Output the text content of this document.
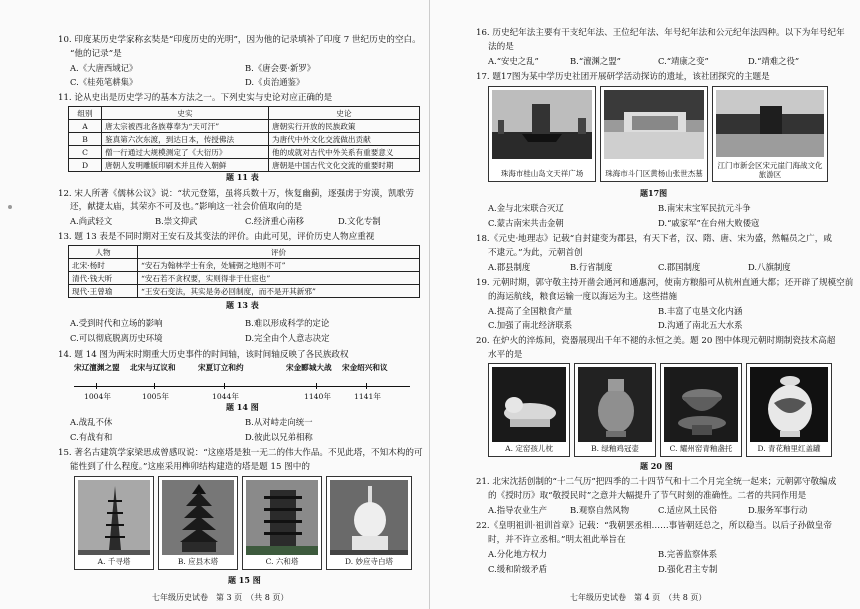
10. 印度某历史学家称玄奘是“印度历史的光明”，因为他的记录填补了印度 7 世纪历史的空白。
“他的记录”是
A.《大唐西域记》	B.《唐会要·新罗》
C.《桂苑笔耕集》	D.《贞治通鉴》
11. 论从史出是历史学习的基本方法之一。下列史实与史论对应正确的是
组别	史实	史论
A	唐太宗被西北各族尊奉为“天可汗”	唐朝实行开放的民族政策
B	鉴真第六次东渡，到达日本，传授佛法	为唐代中外文化交流做出贡献
C	僧一行通过大规模测定了《大衍历》	他的成就对古代中外关系有重要意义
D	唐朝人发明雕版印刷术并且传入朝鲜	唐朝是中国古代文化交流的重要时期
题 11 表
12. 宋人所著《儒林公议》说：“状元登第，虽将兵数十万，恢复幽蓟，逐强虏于穷漠，凯歌劳
还，献捷太庙，其荣亦不可及也。”影响这一社会价值取向的是
A.尚武轻文	B.崇文抑武	C.经济重心南移	D.文化专制
13. 题 13 表是不同时期对王安石及其变法的评价。由此可见，评价历史人物应重视
人物	评价
北宋·杨时	“安石为翰林学士有余，处辅弼之地则不可”
清代·钱大昕	“安石若不贪权要，实则得非于仕宦也”
现代·王曾瑜	“王安石变法，其实是务必回制度，而不是开其新邪”
题 13 表
A.受到时代和立场的影响	B.难以形成科学的定论
C.可以彻底脱离历史环境	D.完全由个人意志决定
14. 题 14 图为两宋时期重大历史事件的时间轴，该时间轴反映了各民族政权
宋辽澶渊之盟 北宋与辽议和	宋夏订立和约	宋金郾城大战 宋金绍兴和议
1004年	1005年	1044年	1140年	1141年
题 14 图
A.战乱不休	B.从对峙走向统一
C.有战有和	D.彼此以兄弟相称
15. 著名古建筑学家梁思成曾感叹说：“这座塔是独一无二的伟大作品。不见此塔，不知木构的可
能性到了什么程度。”这座采用榫卯结构建造的塔是题 15 图中的
A. 千寻塔	B. 应县木塔	C. 六和塔	D. 妙应寺白塔
题 15 图
七年级历史试卷　第 3 页　（共 8 页）
16. 历史纪年法主要有干支纪年法、王位纪年法、年号纪年法和公元纪年法四种。以下为年号纪年
法的是
A.“安史之乱”	B.“澶渊之盟”	C.“靖康之变”	D.“靖难之役”
17. 题17图为某中学历史社团开展研学活动探访的遗址，该社团探究的主题是
珠海市桂山岛文天祥广场	珠海市斗门区黄杨山张世杰墓
江门市新会区宋元崖门海战文化旅游区
题17图
A.金与北宋联合灭辽	B.南宋末宝军民抗元斗争
C.蒙古南宋共击金朝	D.“戚家军”在台州大败倭寇
18.《元史·地理志》记载“自封建变为郡县，有天下者，汉、隋、唐、宋为盛，然幅员之广，咸
不逮元。”为此，元朝首创
A.郡县制度	B.行省制度	C.郡国制度	D.八旗制度
19. 元朝时期，郭守敬主持开凿会通河和通惠河，使南方粮船可从杭州直通大都；还开辟了规模空前
的海运航线，粮食运输一度以海运为主。这些措施
A.提高了全国粮食产量	B.丰富了屯垦文化内涵
C.加强了南北经济联系	D.沟通了南北五大水系
20. 在炉火的淬炼间，瓷器展现出千年不褪的永恒之美。题 20 图中体现元朝时期制瓷技术高超
水平的是
A. 定窑孩儿枕	B. 绿釉鸡冠壶	C. 耀州窑青釉盏托	D. 青花釉里红盖罐
题 20 图
21. 北宋沈括创制的“十二气历”把四季的二十四节气和十二个月完全统一起来；元朝郭守敬编成
的《授时历》取“敬授民时”之意并大幅提升了节气时刻的准确性。二者的共同作用是
A.指导农业生产	B.观察自然风物	C.适应风土民俗	D.服务军事行动
22.《皇明祖训·祖训首章》记载：“我朝罢丞相……事皆朝廷总之，所以稳当。以后子孙做皇帝
时，并不许立丞相。”明太祖此举旨在
A.分化地方权力	B.完善监察体系
C.缓和阶级矛盾	D.强化君主专制
七年级历史试卷　第 4 页　（共 8 页）
